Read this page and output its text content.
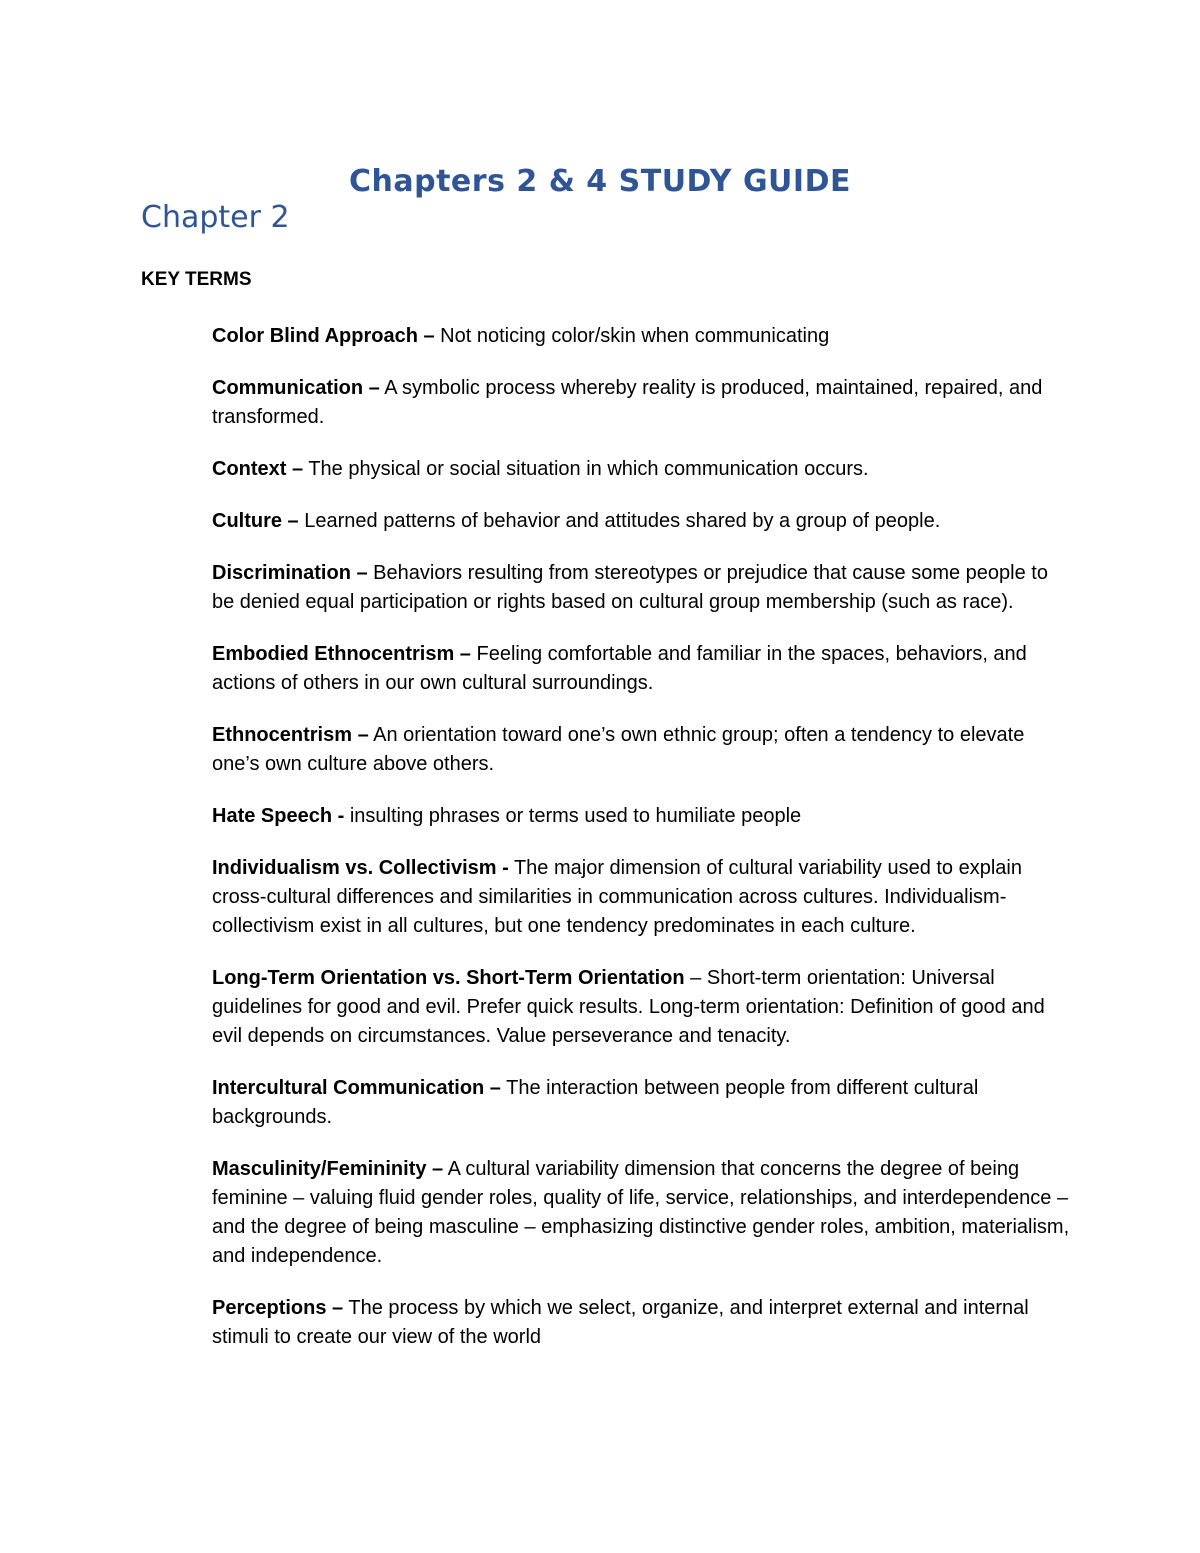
Chapters 2 & 4 STUDY GUIDE
Chapter 2
KEY TERMS

Color Blind Approach – Not noticing color/skin when communicating

Communication – A symbolic process whereby reality is produced, maintained, repaired, and transformed.

Context – The physical or social situation in which communication occurs.

Culture – Learned patterns of behavior and attitudes shared by a group of people.

Discrimination – Behaviors resulting from stereotypes or prejudice that cause some people to be denied equal participation or rights based on cultural group membership (such as race).

Embodied Ethnocentrism – Feeling comfortable and familiar in the spaces, behaviors, and actions of others in our own cultural surroundings.

Ethnocentrism – An orientation toward one’s own ethnic group; often a tendency to elevate one’s own culture above others.

Hate Speech - insulting phrases or terms used to humiliate people

Individualism vs. Collectivism - The major dimension of cultural variability used to explain cross-cultural differences and similarities in communication across cultures. Individualism-collectivism exist in all cultures, but one tendency predominates in each culture.

Long-Term Orientation vs. Short-Term Orientation – Short-term orientation: Universal guidelines for good and evil. Prefer quick results. Long-term orientation: Definition of good and evil depends on circumstances. Value perseverance and tenacity.

Intercultural Communication – The interaction between people from different cultural backgrounds.

Masculinity/Femininity – A cultural variability dimension that concerns the degree of being feminine – valuing fluid gender roles, quality of life, service, relationships, and interdependence – and the degree of being masculine – emphasizing distinctive gender roles, ambition, materialism, and independence.

Perceptions – The process by which we select, organize, and interpret external and internal stimuli to create our view of the world
